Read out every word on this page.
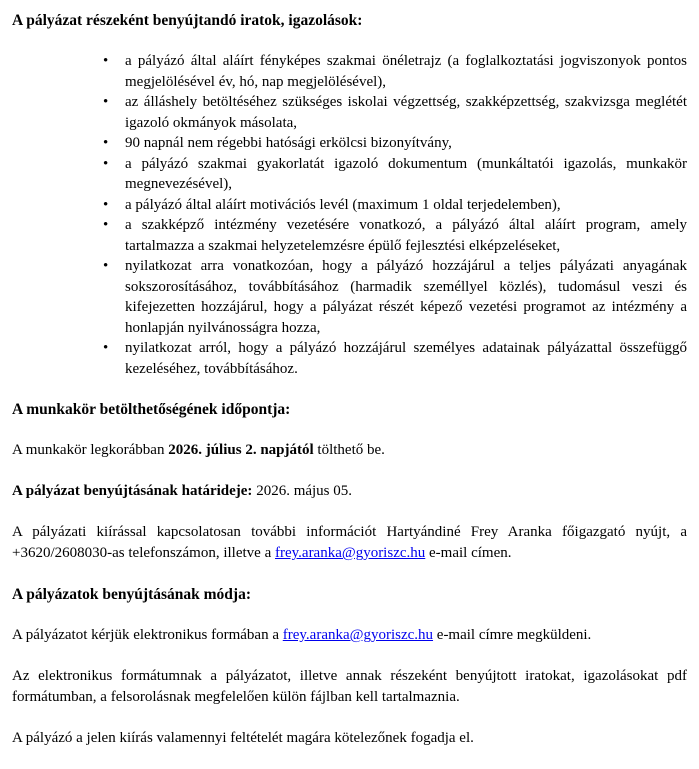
A pályázat részeként benyújtandó iratok, igazolások:
• a pályázó által aláírt fényképes szakmai önéletrajz (a foglalkoztatási jogviszonyok pontos megjelölésével év, hó, nap megjelölésével),
• az álláshely betöltéséhez szükséges iskolai végzettség, szakképzettség, szakvizsga meglétét igazoló okmányok másolata,
• 90 napnál nem régebbi hatósági erkölcsi bizonyítvány,
• a pályázó szakmai gyakorlatát igazoló dokumentum (munkáltatói igazolás, munkakör megnevezésével),
• a pályázó által aláírt motivációs levél (maximum 1 oldal terjedelemben),
• a szakképző intézmény vezetésére vonatkozó, a pályázó által aláírt program, amely tartalmazza a szakmai helyzetelemzésre épülő fejlesztési elképzeléseket,
• nyilatkozat arra vonatkozóan, hogy a pályázó hozzájárul a teljes pályázati anyagának sokszorosításához, továbbításához (harmadik személlyel közlés), tudomásul veszi és kifejezetten hozzájárul, hogy a pályázat részét képező vezetési programot az intézmény a honlapján nyilvánosságra hozza,
• nyilatkozat arról, hogy a pályázó hozzájárul személyes adatainak pályázattal összefüggő kezeléséhez, továbbításához.
A munkakör betölthetőségének időpontja:
A munkakör legkorábban 2026. július 2. napjától tölthető be.
A pályázat benyújtásának határideje: 2026. május 05.
A pályázati kiírással kapcsolatosan további információt Hartyándiné Frey Aranka főigazgató nyújt, a +3620/2608030-as telefonszámon, illetve a frey.aranka@gyoriszc.hu e-mail címen.
A pályázatok benyújtásának módja:
A pályázatot kérjük elektronikus formában a frey.aranka@gyoriszc.hu e-mail címre megküldeni.
Az elektronikus formátumnak a pályázatot, illetve annak részeként benyújtott iratokat, igazolásokat pdf formátumban, a felsorolásnak megfelelően külön fájlban kell tartalmaznia.
A pályázó a jelen kiírás valamennyi feltételét magára kötelezőnek fogadja el.
